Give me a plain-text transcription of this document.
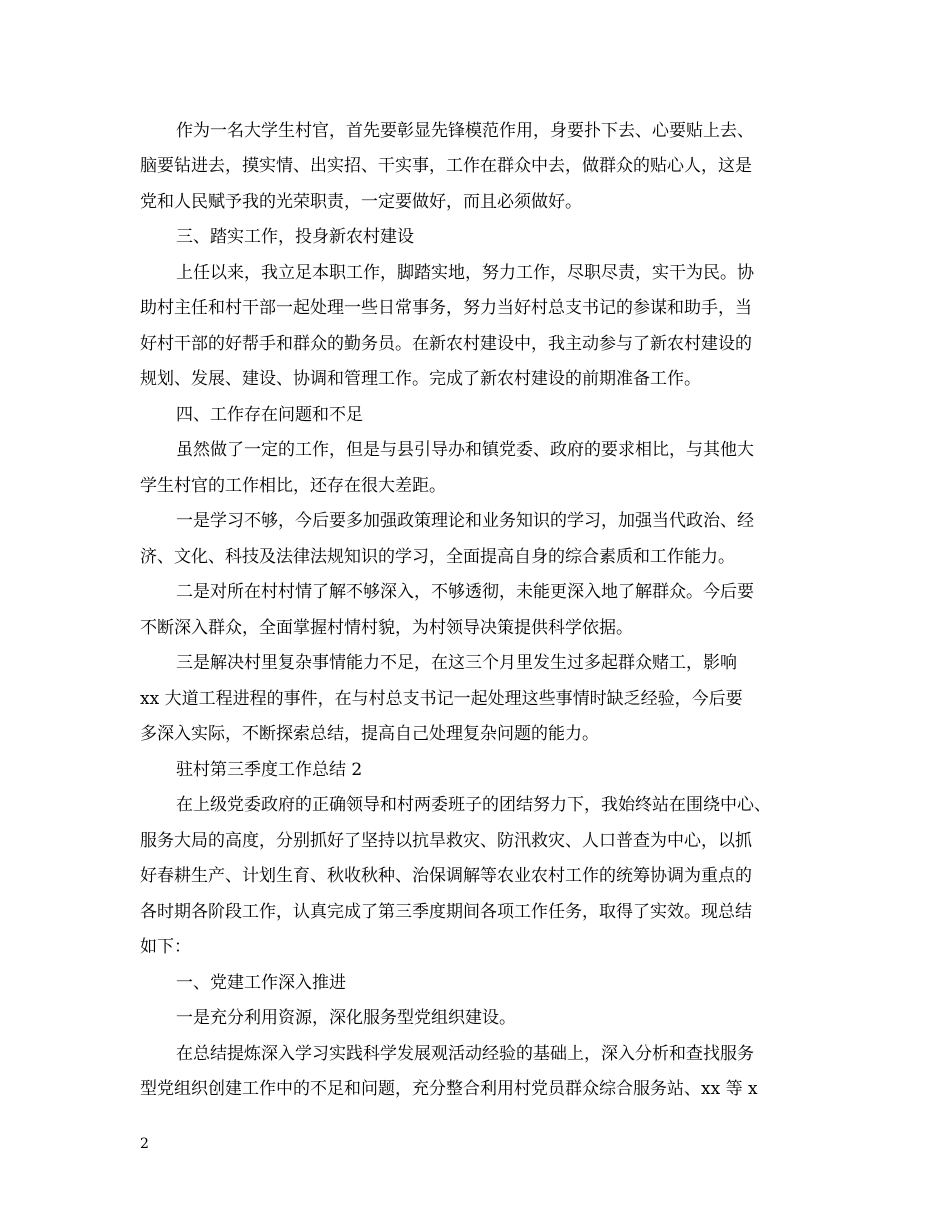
作为一名大学生村官，首先要彰显先锋模范作用，身要扑下去、心要贴上去、
脑要钻进去，摸实情、出实招、干实事，工作在群众中去，做群众的贴心人，这是
党和人民赋予我的光荣职责，一定要做好，而且必须做好。
三、踏实工作，投身新农村建设
上任以来，我立足本职工作，脚踏实地，努力工作，尽职尽责，实干为民。协
助村主任和村干部一起处理一些日常事务，努力当好村总支书记的参谋和助手，当
好村干部的好帮手和群众的勤务员。在新农村建设中，我主动参与了新农村建设的
规划、发展、建设、协调和管理工作。完成了新农村建设的前期准备工作。
四、工作存在问题和不足
虽然做了一定的工作，但是与县引导办和镇党委、政府的要求相比，与其他大
学生村官的工作相比，还存在很大差距。
一是学习不够，今后要多加强政策理论和业务知识的学习，加强当代政治、经
济、文化、科技及法律法规知识的学习，全面提高自身的综合素质和工作能力。
二是对所在村村情了解不够深入，不够透彻，未能更深入地了解群众。今后要
不断深入群众，全面掌握村情村貌，为村领导决策提供科学依据。
三是解决村里复杂事情能力不足，在这三个月里发生过多起群众赌工，影响
xx 大道工程进程的事件，在与村总支书记一起处理这些事情时缺乏经验，今后要
多深入实际，不断探索总结，提高自己处理复杂问题的能力。
驻村第三季度工作总结 2
在上级党委政府的正确领导和村两委班子的团结努力下，我始终站在围绕中心、
服务大局的高度，分别抓好了坚持以抗旱救灾、防汛救灾、人口普查为中心，以抓
好春耕生产、计划生育、秋收秋种、治保调解等农业农村工作的统筹协调为重点的
各时期各阶段工作，认真完成了第三季度期间各项工作任务，取得了实效。现总结
如下：
一、党建工作深入推进
一是充分利用资源，深化服务型党组织建设。
在总结提炼深入学习实践科学发展观活动经验的基础上，深入分析和查找服务
型党组织创建工作中的不足和问题，充分整合利用村党员群众综合服务站、xx 等 x
2
